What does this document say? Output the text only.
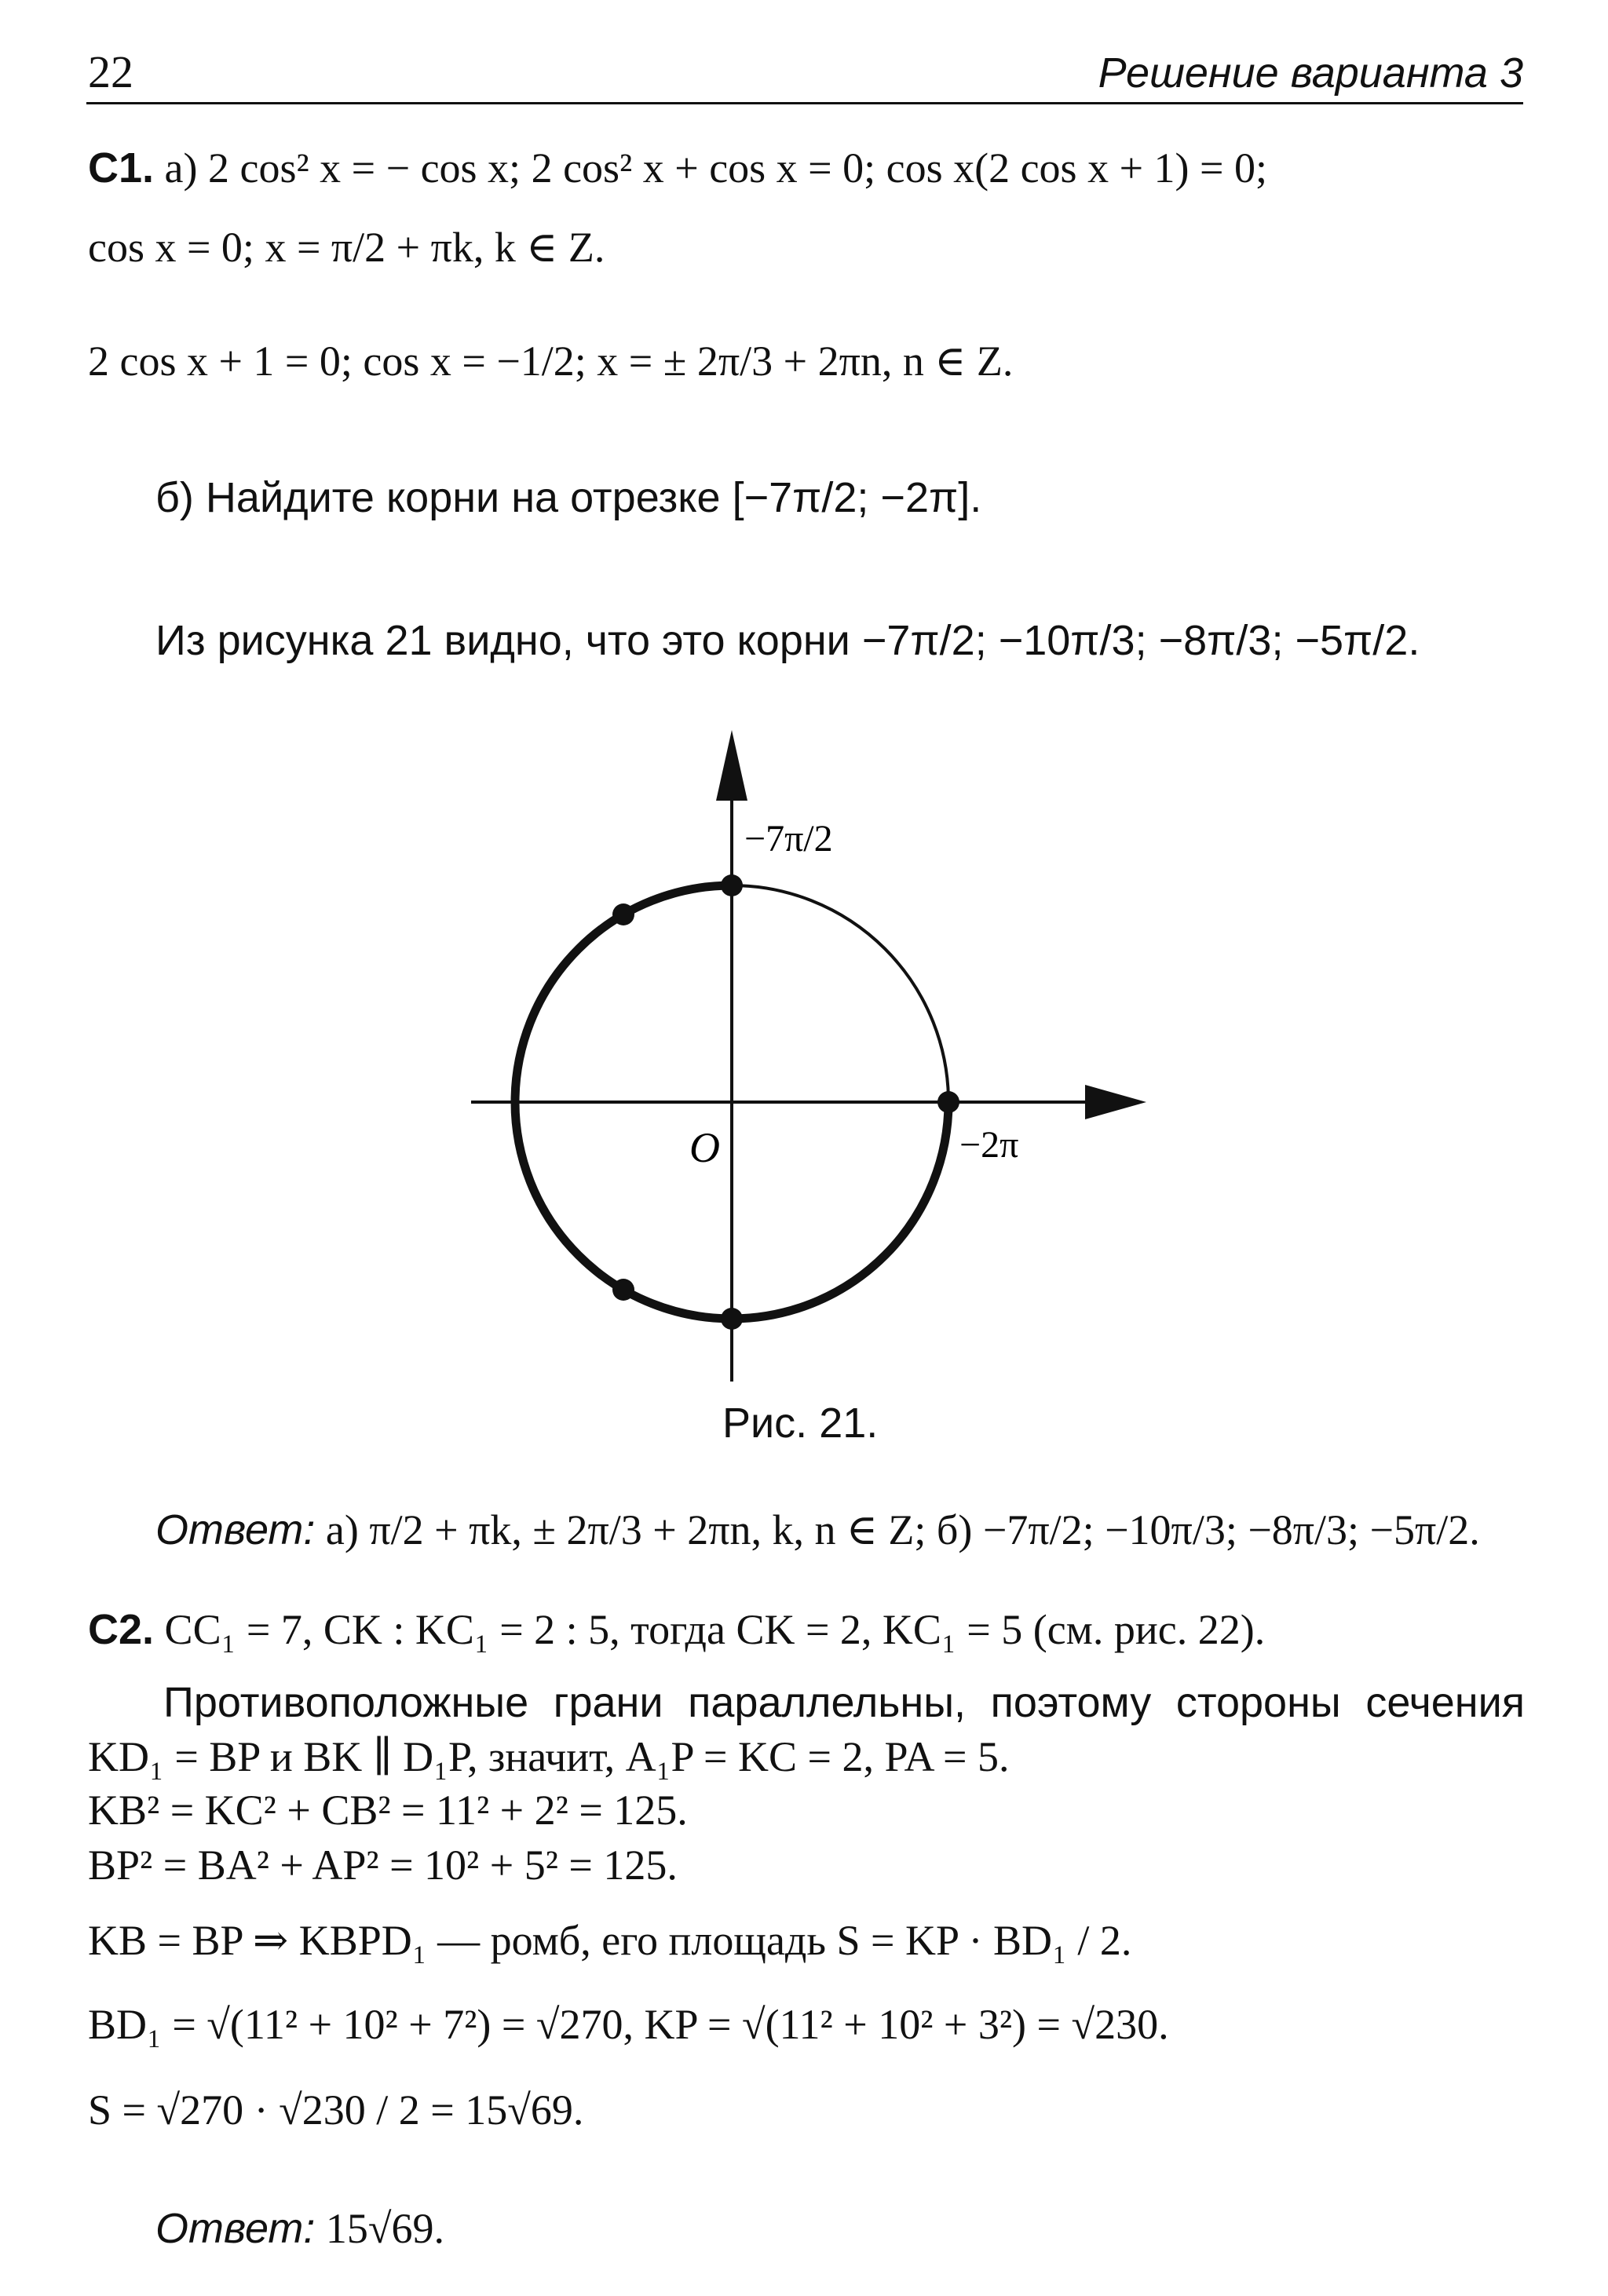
22	Решение варианта 3
C1. а) 2 cos² x = − cos x; 2 cos² x + cos x = 0; cos x(2 cos x + 1) = 0;
cos x = 0; x = π/2 + πk, k ∈ Z.
2 cos x + 1 = 0; cos x = −1/2; x = ± 2π/3 + 2πn, n ∈ Z.
б) Найдите корни на отрезке [−7π/2; −2π].
Из рисунка 21 видно, что это корни −7π/2; −10π/3; −8π/3; −5π/2.
−7π/2
−2π
O
Рис. 21.
Ответ: а) π/2 + πk, ± 2π/3 + 2πn, k, n ∈ Z; б) −7π/2; −10π/3; −8π/3; −5π/2.
C2. CC₁ = 7, CK : KC₁ = 2 : 5, тогда CK = 2, KC₁ = 5 (см. рис. 22).
Противоположные грани параллельны, поэтому стороны сечения
KD₁ = BP и BK ∥ D₁P, значит, A₁P = KC = 2, PA = 5.
KB² = KC² + CB² = 11² + 2² = 125.
BP² = BA² + AP² = 10² + 5² = 125.
KB = BP ⇒ KBPD₁ — ромб, его площадь S = KP · BD₁ / 2.
BD₁ = √(11² + 10² + 7²) = √270, KP = √(11² + 10² + 3²) = √230.
S = √270 · √230 / 2 = 15√69.
Ответ: 15√69.
